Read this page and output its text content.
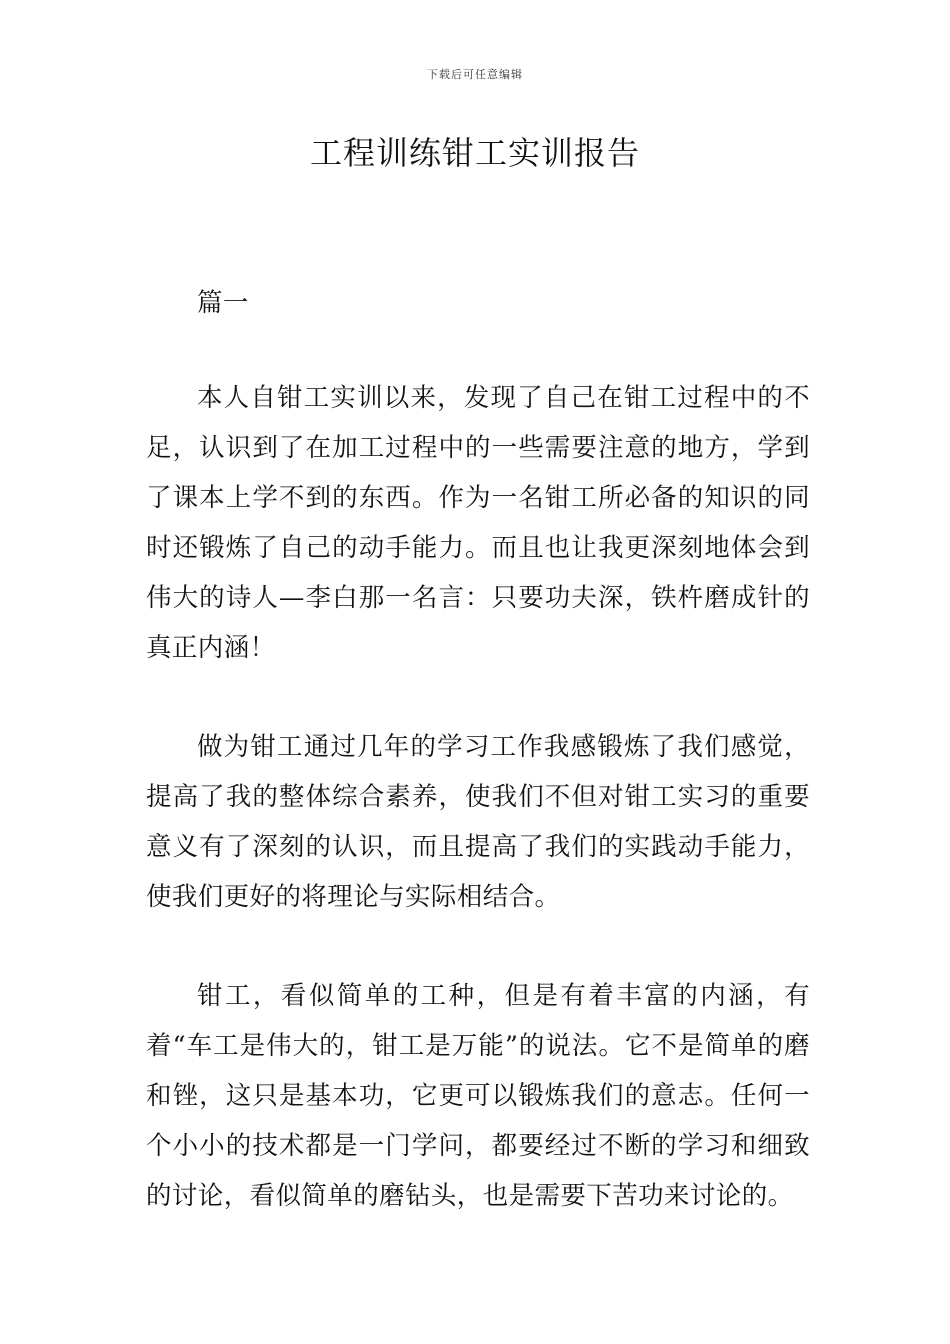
下载后可任意编辑
工程训练钳工实训报告

篇一

本人自钳工实训以来，发现了自己在钳工过程中的不足，认识到了在加工过程中的一些需要注意的地方，学到了课本上学不到的东西。作为一名钳工所必备的知识的同时还锻炼了自己的动手能力。而且也让我更深刻地体会到伟大的诗人—李白那一名言：只要功夫深，铁杵磨成针的真正内涵！

做为钳工通过几年的学习工作我感锻炼了我们感觉，提高了我的整体综合素养，使我们不但对钳工实习的重要意义有了深刻的认识，而且提高了我们的实践动手能力，使我们更好的将理论与实际相结合。

钳工，看似简单的工种，但是有着丰富的内涵，有着“车工是伟大的，钳工是万能”的说法。它不是简单的磨和锉，这只是基本功，它更可以锻炼我们的意志。任何一个小小的技术都是一门学问，都要经过不断的学习和细致的讨论，看似简单的磨钻头，也是需要下苦功来讨论的。
